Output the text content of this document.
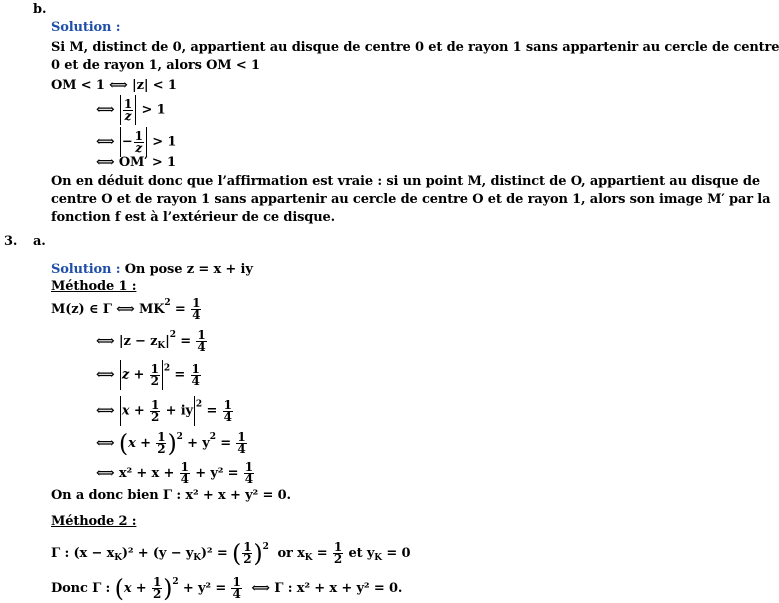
b.
Solution :
Si M, distinct de 0, appartient au disque de centre 0 et de rayon 1 sans appartenir au cercle de centre
0 et de rayon 1, alors OM < 1
OM < 1 ⟺ |z| < 1
⟺ $\frac{1}{z} > 1$
⟺ − $\frac{1}{z} > 1$
⟺ OM′ > 1
On en déduit donc que l’affirmation est vraie : si un point M, distinct de O, appartient au disque de
centre O et de rayon 1 sans appartenir au cercle de centre O et de rayon 1, alors son image M′ par la
fonction f est à l’extérieur de ce disque.
3. a.
Solution : On pose z = x + iy
Méthode 1 :
M(z) ∈ Γ ⟺ $MK^2 = \frac{1}{4}$
⟺ $|z - z_K|^2 = \frac{1}{4}$
⟺ $z + \frac{1}{2} ^2 = \frac{1}{4}$
⟺ $x + \frac{1}{2}$ + iy $^2 = \frac{1}{4}$
⟺ $(x + \frac{1}{2} )^2 + y^2 = \frac{1}{4}$
⟺ $x^2 + x + \frac{1}{4} + y^2 = \frac{1}{4}$
On a donc bien Γ : x² + x + y² = 0.
Méthode 2 :
Γ : $(x - x_K)^2 + (y - y_K)^2$ = ( $\frac{1}{2} )^2$ or $x_K = \frac{1}{2}$ et $y_K = 0$
Donc Γ : $(x + \frac{1}{2} )^2 + y^2 = \frac{1}{4}$ ⟺ Γ : x² + x + y² = 0.
